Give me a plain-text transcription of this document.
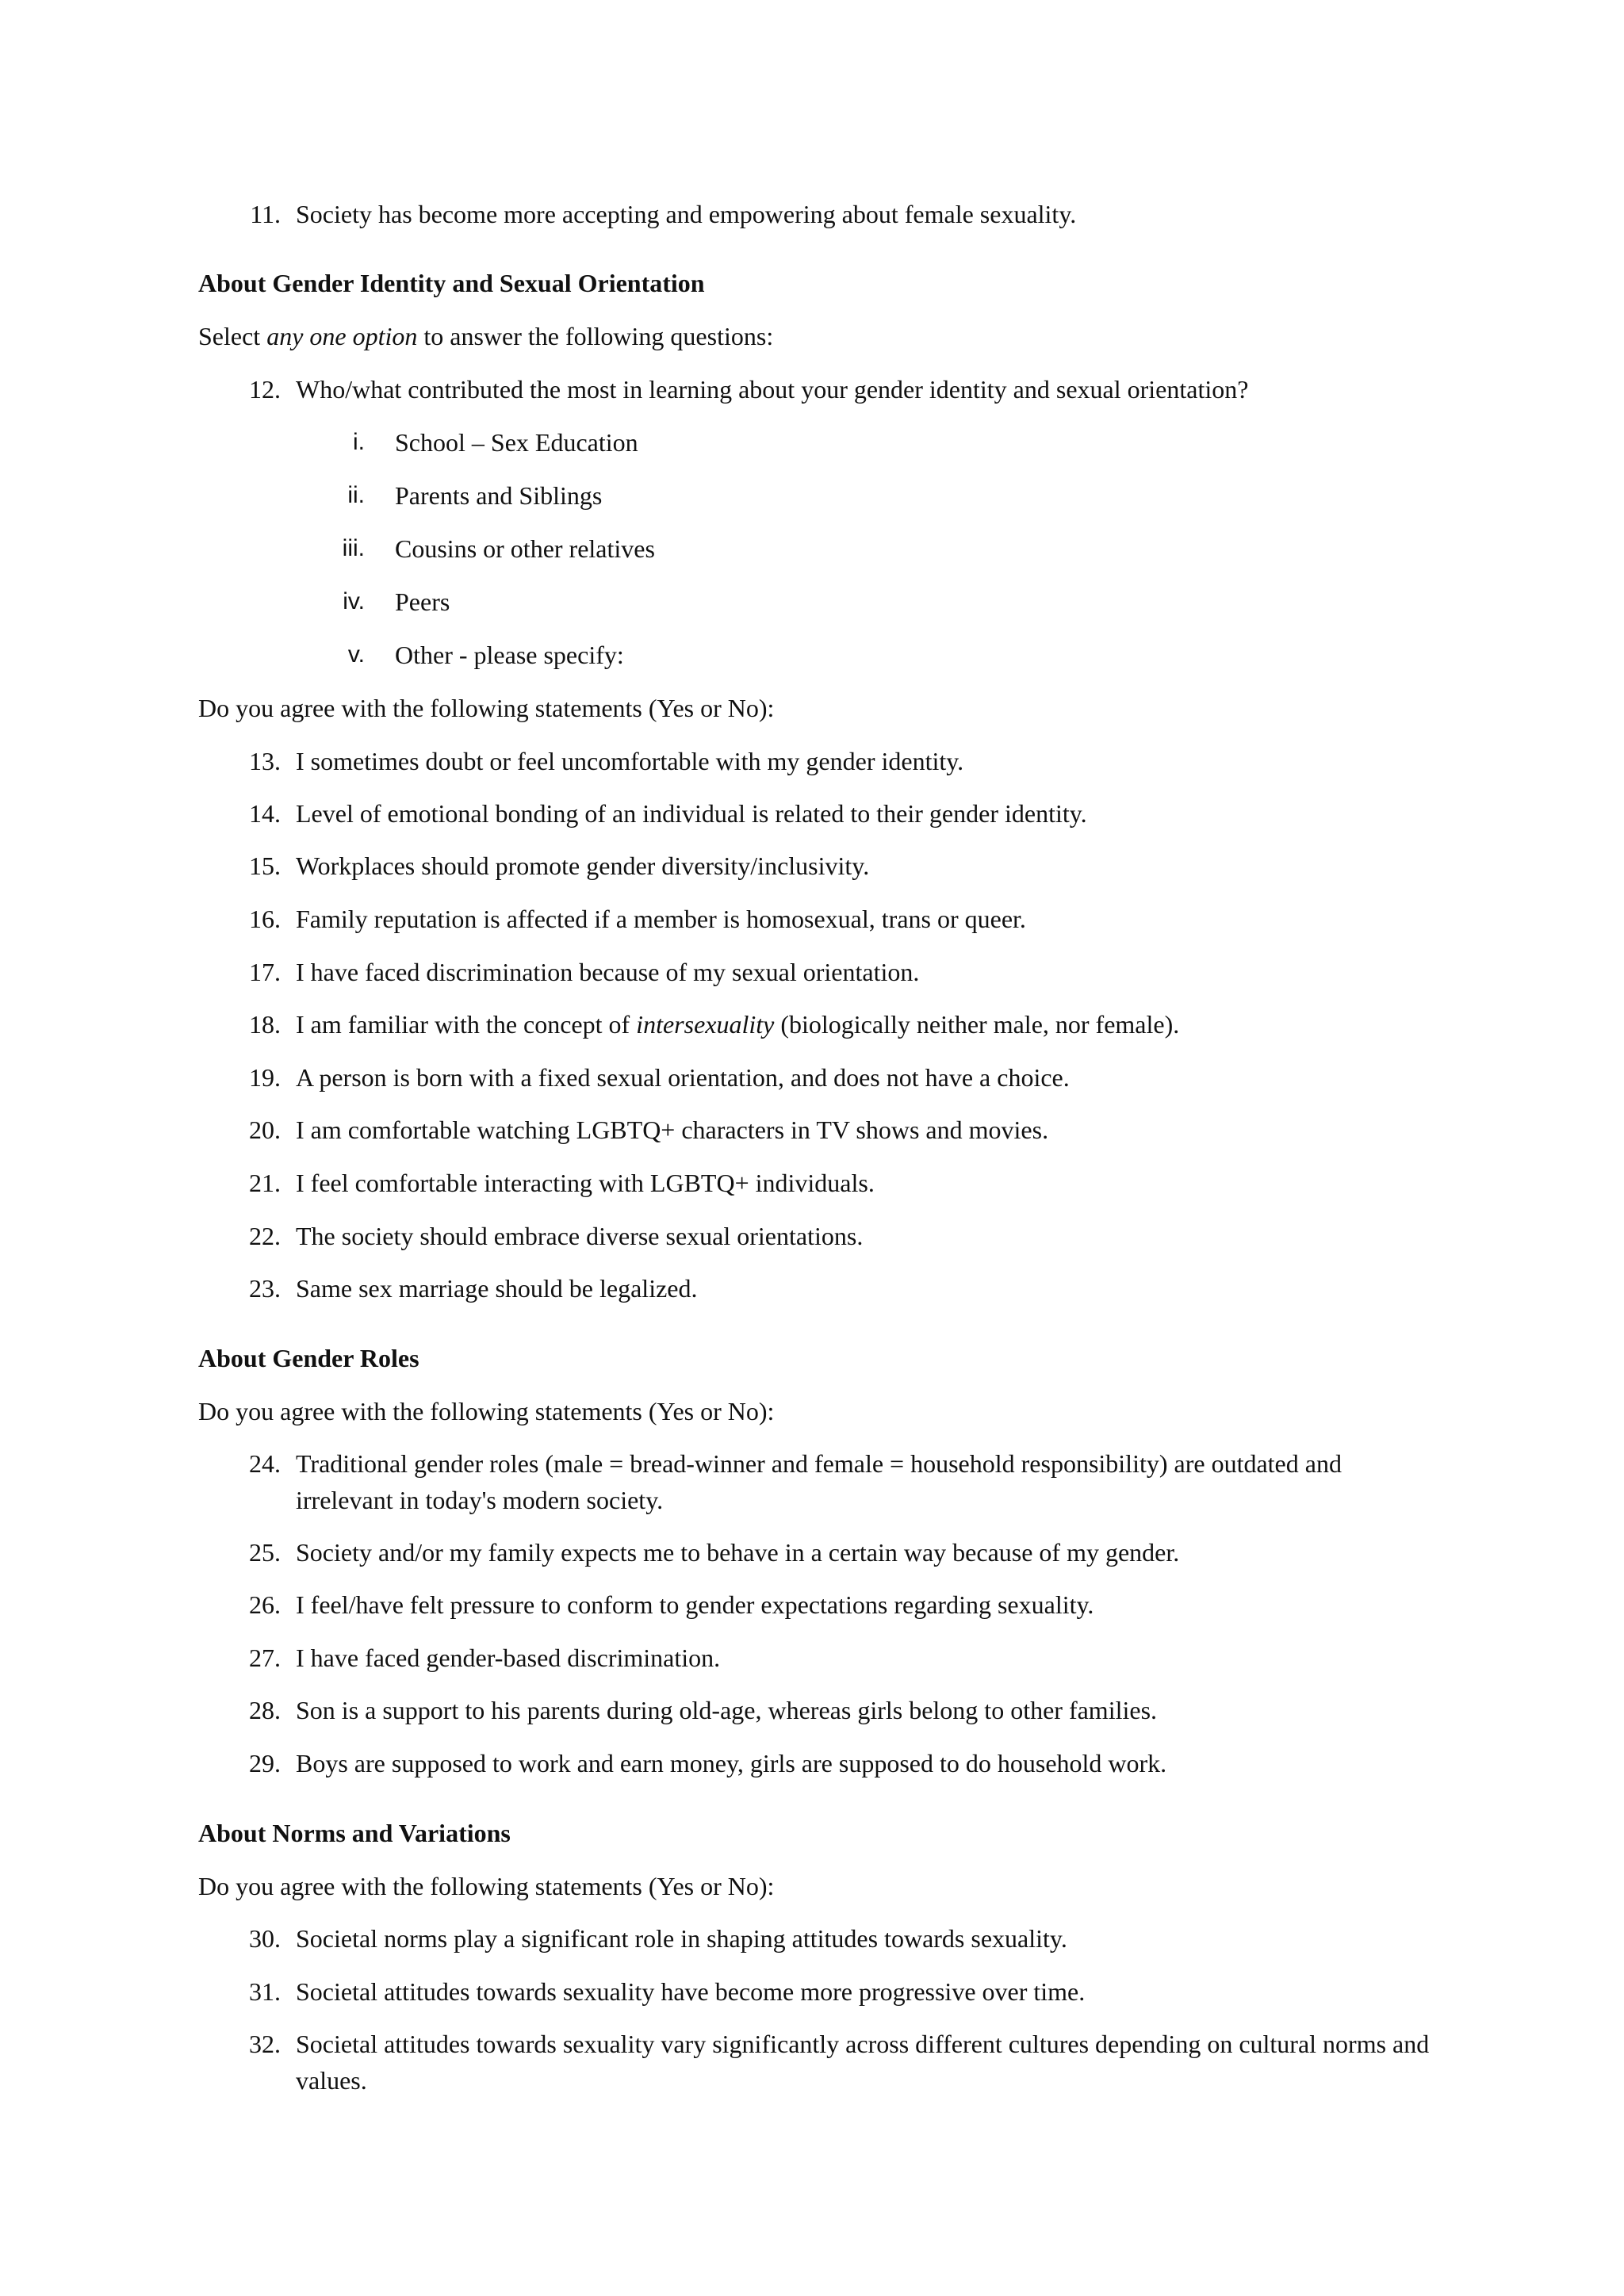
11. Society has become more accepting and empowering about female sexuality.
About Gender Identity and Sexual Orientation
Select any one option to answer the following questions:
12. Who/what contributed the most in learning about your gender identity and sexual orientation?
i. School – Sex Education
ii. Parents and Siblings
iii. Cousins or other relatives
iv. Peers
v. Other - please specify:
Do you agree with the following statements (Yes or No):
13. I sometimes doubt or feel uncomfortable with my gender identity.
14. Level of emotional bonding of an individual is related to their gender identity.
15. Workplaces should promote gender diversity/inclusivity.
16. Family reputation is affected if a member is homosexual, trans or queer.
17. I have faced discrimination because of my sexual orientation.
18. I am familiar with the concept of intersexuality (biologically neither male, nor female).
19. A person is born with a fixed sexual orientation, and does not have a choice.
20. I am comfortable watching LGBTQ+ characters in TV shows and movies.
21. I feel comfortable interacting with LGBTQ+ individuals.
22. The society should embrace diverse sexual orientations.
23. Same sex marriage should be legalized.
About Gender Roles
Do you agree with the following statements (Yes or No):
24. Traditional gender roles (male = bread-winner and female = household responsibility) are outdated and irrelevant in today's modern society.
25. Society and/or my family expects me to behave in a certain way because of my gender.
26. I feel/have felt pressure to conform to gender expectations regarding sexuality.
27. I have faced gender-based discrimination.
28. Son is a support to his parents during old-age, whereas girls belong to other families.
29. Boys are supposed to work and earn money, girls are supposed to do household work.
About Norms and Variations
Do you agree with the following statements (Yes or No):
30. Societal norms play a significant role in shaping attitudes towards sexuality.
31. Societal attitudes towards sexuality have become more progressive over time.
32. Societal attitudes towards sexuality vary significantly across different cultures depending on cultural norms and values.
